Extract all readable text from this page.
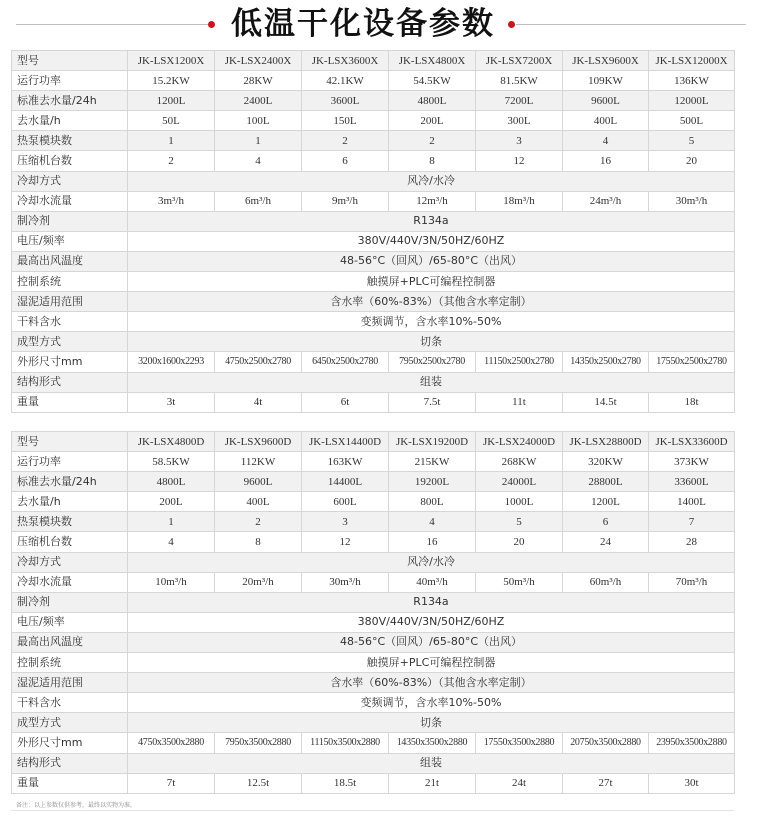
低温干化设备参数
型号	JK-LSX1200X	JK-LSX2400X	JK-LSX3600X	JK-LSX4800X	JK-LSX7200X	JK-LSX9600X	JK-LSX12000X
运行功率	15.2KW	28KW	42.1KW	54.5KW	81.5KW	109KW	136KW
标准去水量/24h	1200L	2400L	3600L	4800L	7200L	9600L	12000L
去水量/h	50L	100L	150L	200L	300L	400L	500L
热泵模块数	1	1	2	2	3	4	5
压缩机台数	2	4	6	8	12	16	20
冷却方式	风冷/水冷						
冷却水流量	3m³/h	6m³/h	9m³/h	12m³/h	18m³/h	24m³/h	30m³/h
制冷剂	R134a						
电压/频率	380V/440V/3N/50HZ/60HZ						
最高出风温度	48-56°C（回风）/65-80°C（出风）						
控制系统	触摸屏+PLC可编程控制器						
湿泥适用范围	含水率（60%-83%）（其他含水率定制）						
干料含水	变频调节，含水率10%-50%						
成型方式	切条						
外形尺寸mm	3200x1600x2293	4750x2500x2780	6450x2500x2780	7950x2500x2780	11150x2500x2780	14350x2500x2780	17550x2500x2780
结构形式	组装						
重量	3t	4t	6t	7.5t	11t	14.5t	18t
型号	JK-LSX4800D	JK-LSX9600D	JK-LSX14400D	JK-LSX19200D	JK-LSX24000D	JK-LSX28800D	JK-LSX33600D
运行功率	58.5KW	112KW	163KW	215KW	268KW	320KW	373KW
标准去水量/24h	4800L	9600L	14400L	19200L	24000L	28800L	33600L
去水量/h	200L	400L	600L	800L	1000L	1200L	1400L
热泵模块数	1	2	3	4	5	6	7
压缩机台数	4	8	12	16	20	24	28
冷却方式	风冷/水冷						
冷却水流量	10m³/h	20m³/h	30m³/h	40m³/h	50m³/h	60m³/h	70m³/h
制冷剂	R134a						
电压/频率	380V/440V/3N/50HZ/60HZ						
最高出风温度	48-56°C（回风）/65-80°C（出风）						
控制系统	触摸屏+PLC可编程控制器						
湿泥适用范围	含水率（60%-83%）（其他含水率定制）						
干料含水	变频调节，含水率10%-50%						
成型方式	切条						
外形尺寸mm	4750x3500x2880	7950x3500x2880	11150x3500x2880	14350x3500x2880	17550x3500x2880	20750x3500x2880	23950x3500x2880
结构形式	组装						
重量	7t	12.5t	18.5t	21t	24t	27t	30t
备注：以上参数仅供参考，最终以实物为准。
